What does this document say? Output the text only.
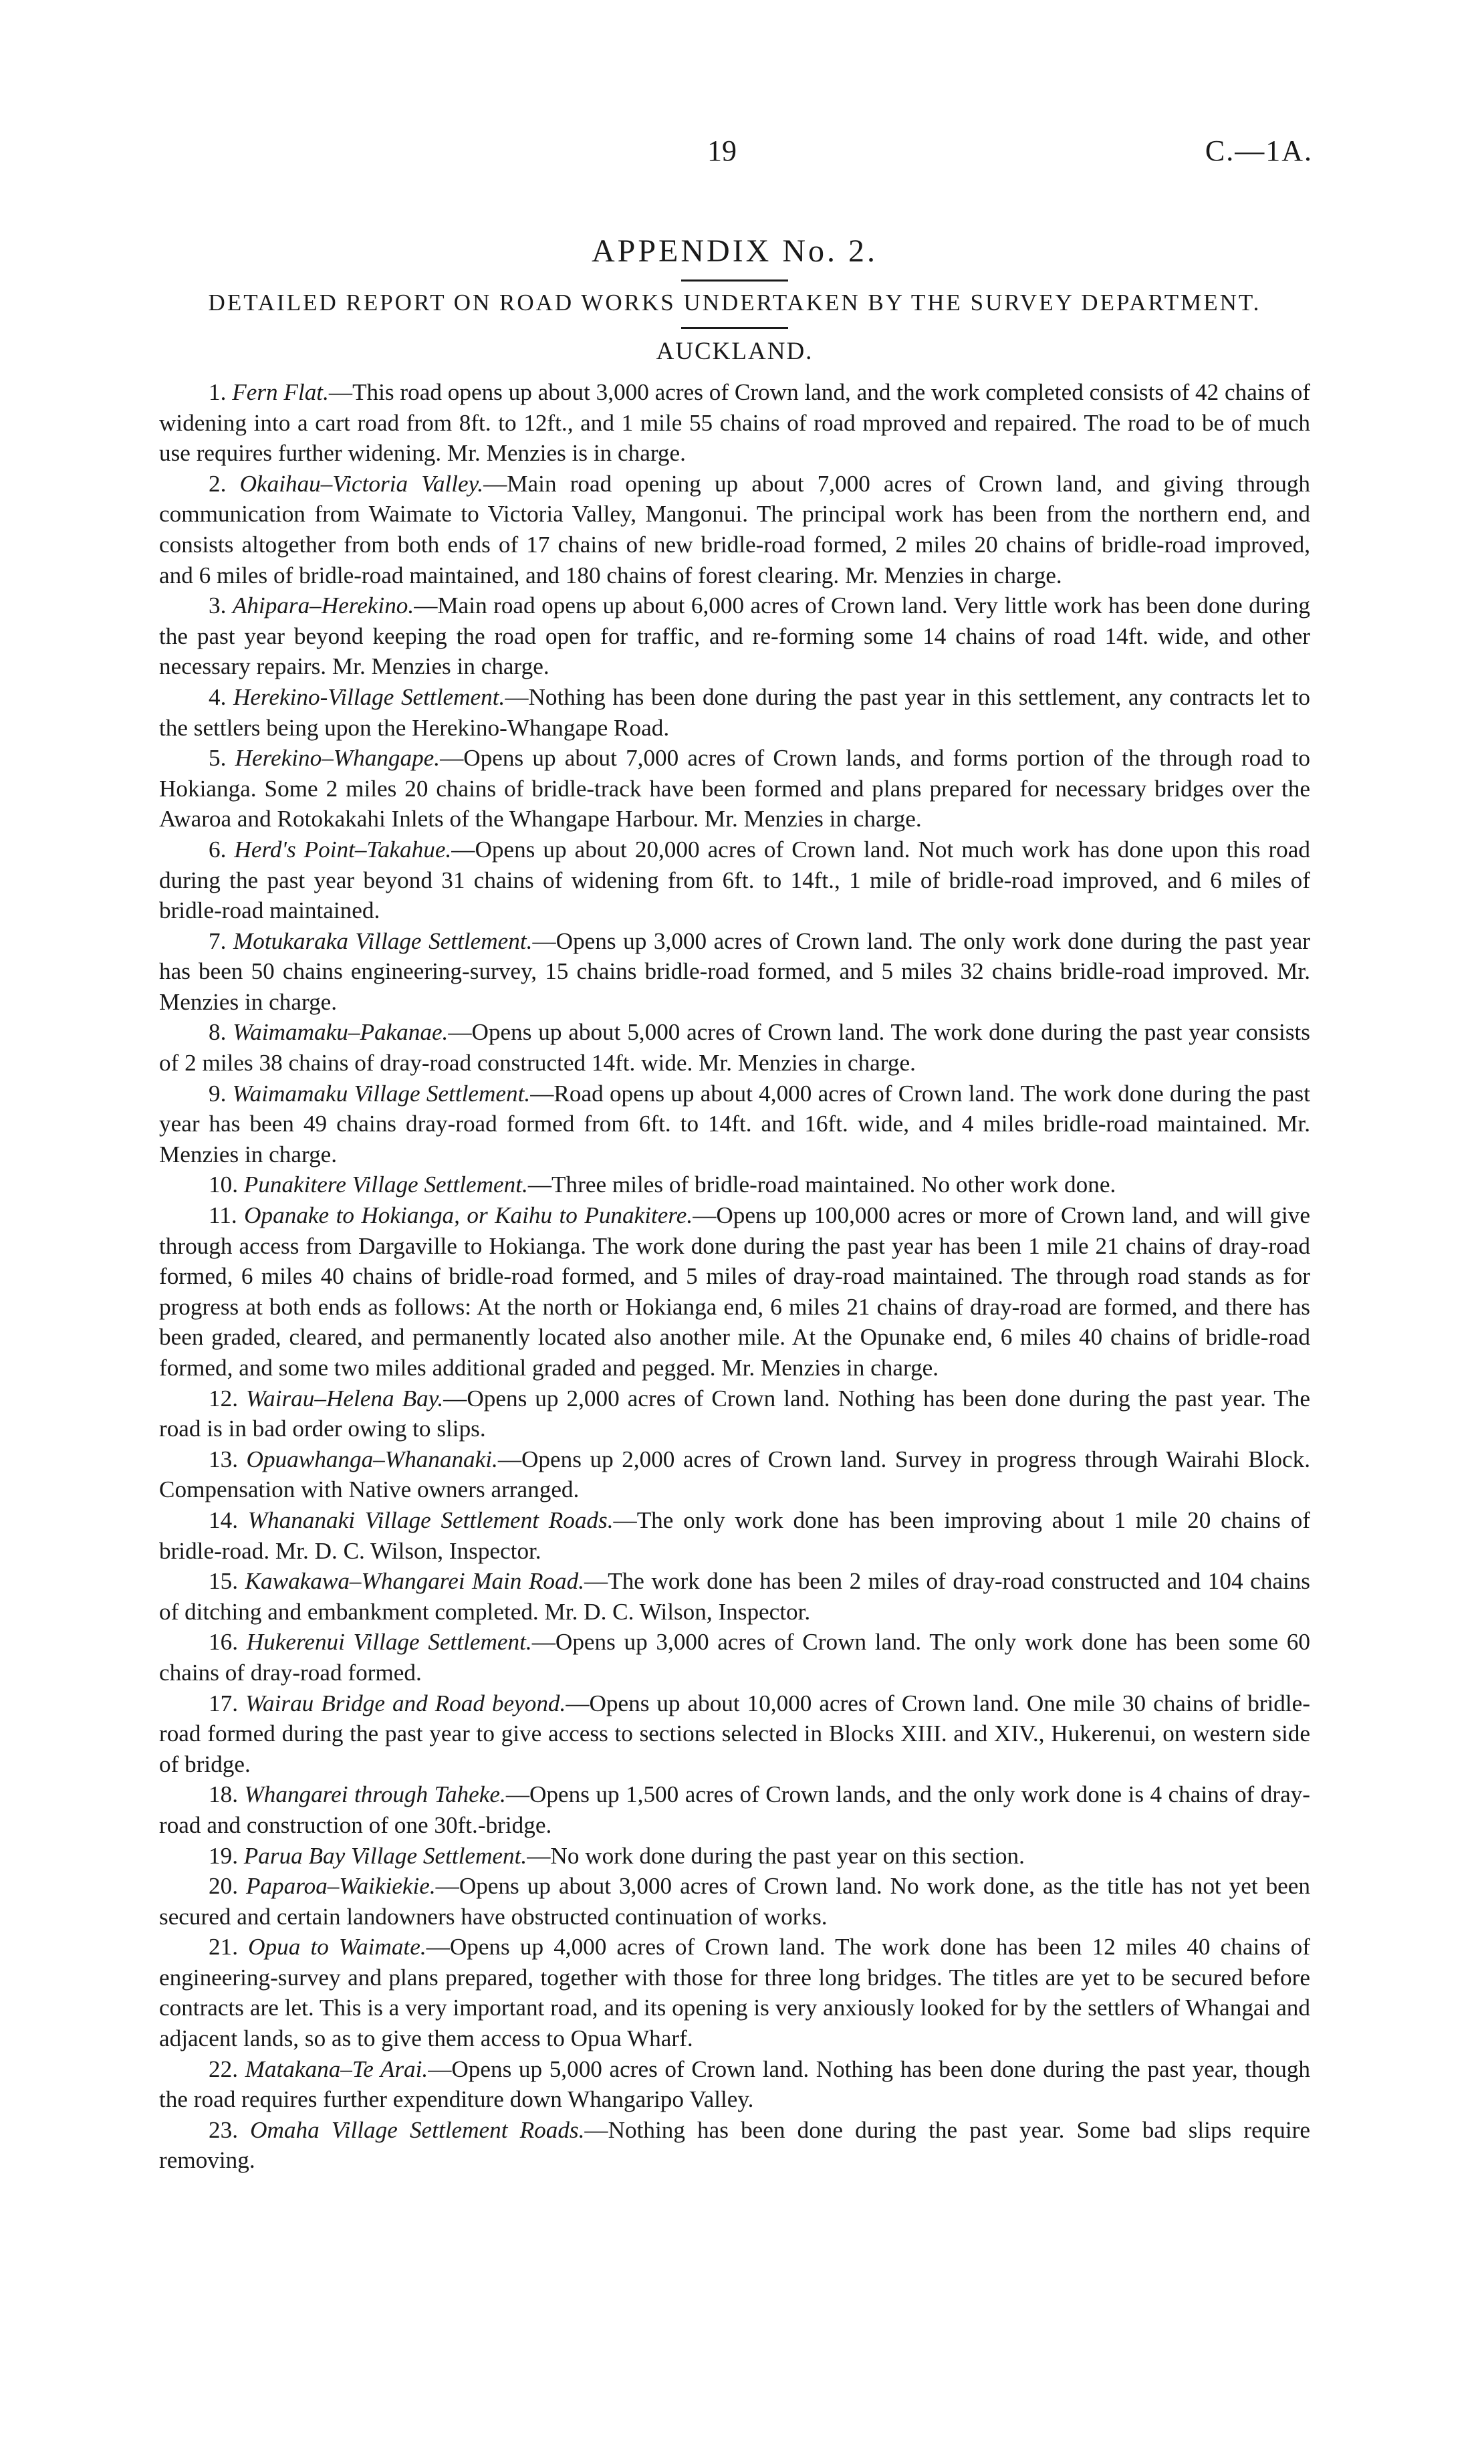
19	C.—1A.
APPENDIX No. 2.
DETAILED REPORT ON ROAD WORKS UNDERTAKEN BY THE SURVEY DEPARTMENT.
AUCKLAND.

1. Fern Flat.—This road opens up about 3,000 acres of Crown land, and the work completed consists of 42 chains of widening into a cart road from 8ft. to 12ft., and 1 mile 55 chains of road mproved and repaired. The road to be of much use requires further widening. Mr. Menzies is in charge.

2. Okaihau–Victoria Valley.—Main road opening up about 7,000 acres of Crown land, and giving through communication from Waimate to Victoria Valley, Mangonui. The principal work has been from the northern end, and consists altogether from both ends of 17 chains of new bridle-road formed, 2 miles 20 chains of bridle-road improved, and 6 miles of bridle-road maintained, and 180 chains of forest clearing. Mr. Menzies in charge.

3. Ahipara–Herekino.—Main road opens up about 6,000 acres of Crown land. Very little work has been done during the past year beyond keeping the road open for traffic, and re-forming some 14 chains of road 14ft. wide, and other necessary repairs. Mr. Menzies in charge.

4. Herekino-Village Settlement.—Nothing has been done during the past year in this settlement, any contracts let to the settlers being upon the Herekino-Whangape Road.

5. Herekino–Whangape.—Opens up about 7,000 acres of Crown lands, and forms portion of the through road to Hokianga. Some 2 miles 20 chains of bridle-track have been formed and plans prepared for necessary bridges over the Awaroa and Rotokakahi Inlets of the Whangape Harbour. Mr. Menzies in charge.

6. Herd's Point–Takahue.—Opens up about 20,000 acres of Crown land. Not much work has done upon this road during the past year beyond 31 chains of widening from 6ft. to 14ft., 1 mile of bridle-road improved, and 6 miles of bridle-road maintained.

7. Motukaraka Village Settlement.—Opens up 3,000 acres of Crown land. The only work done during the past year has been 50 chains engineering-survey, 15 chains bridle-road formed, and 5 miles 32 chains bridle-road improved. Mr. Menzies in charge.

8. Waimamaku–Pakanae.—Opens up about 5,000 acres of Crown land. The work done during the past year consists of 2 miles 38 chains of dray-road constructed 14ft. wide. Mr. Menzies in charge.

9. Waimamaku Village Settlement.—Road opens up about 4,000 acres of Crown land. The work done during the past year has been 49 chains dray-road formed from 6ft. to 14ft. and 16ft. wide, and 4 miles bridle-road maintained. Mr. Menzies in charge.

10. Punakitere Village Settlement.—Three miles of bridle-road maintained. No other work done.

11. Opanake to Hokianga, or Kaihu to Punakitere.—Opens up 100,000 acres or more of Crown land, and will give through access from Dargaville to Hokianga. The work done during the past year has been 1 mile 21 chains of dray-road formed, 6 miles 40 chains of bridle-road formed, and 5 miles of dray-road maintained. The through road stands as for progress at both ends as follows: At the north or Hokianga end, 6 miles 21 chains of dray-road are formed, and there has been graded, cleared, and permanently located also another mile. At the Opunake end, 6 miles 40 chains of bridle-road formed, and some two miles additional graded and pegged. Mr. Menzies in charge.

12. Wairau–Helena Bay.—Opens up 2,000 acres of Crown land. Nothing has been done during the past year. The road is in bad order owing to slips.

13. Opuawhanga–Whananaki.—Opens up 2,000 acres of Crown land. Survey in progress through Wairahi Block. Compensation with Native owners arranged.

14. Whananaki Village Settlement Roads.—The only work done has been improving about 1 mile 20 chains of bridle-road. Mr. D. C. Wilson, Inspector.

15. Kawakawa–Whangarei Main Road.—The work done has been 2 miles of dray-road constructed and 104 chains of ditching and embankment completed. Mr. D. C. Wilson, Inspector.

16. Hukerenui Village Settlement.—Opens up 3,000 acres of Crown land. The only work done has been some 60 chains of dray-road formed.

17. Wairau Bridge and Road beyond.—Opens up about 10,000 acres of Crown land. One mile 30 chains of bridle-road formed during the past year to give access to sections selected in Blocks XIII. and XIV., Hukerenui, on western side of bridge.

18. Whangarei through Taheke.—Opens up 1,500 acres of Crown lands, and the only work done is 4 chains of dray-road and construction of one 30ft.-bridge.

19. Parua Bay Village Settlement.—No work done during the past year on this section.

20. Paparoa–Waikiekie.—Opens up about 3,000 acres of Crown land. No work done, as the title has not yet been secured and certain landowners have obstructed continuation of works.

21. Opua to Waimate.—Opens up 4,000 acres of Crown land. The work done has been 12 miles 40 chains of engineering-survey and plans prepared, together with those for three long bridges. The titles are yet to be secured before contracts are let. This is a very important road, and its opening is very anxiously looked for by the settlers of Whangai and adjacent lands, so as to give them access to Opua Wharf.

22. Matakana–Te Arai.—Opens up 5,000 acres of Crown land. Nothing has been done during the past year, though the road requires further expenditure down Whangaripo Valley.

23. Omaha Village Settlement Roads.—Nothing has been done during the past year. Some bad slips require removing.
